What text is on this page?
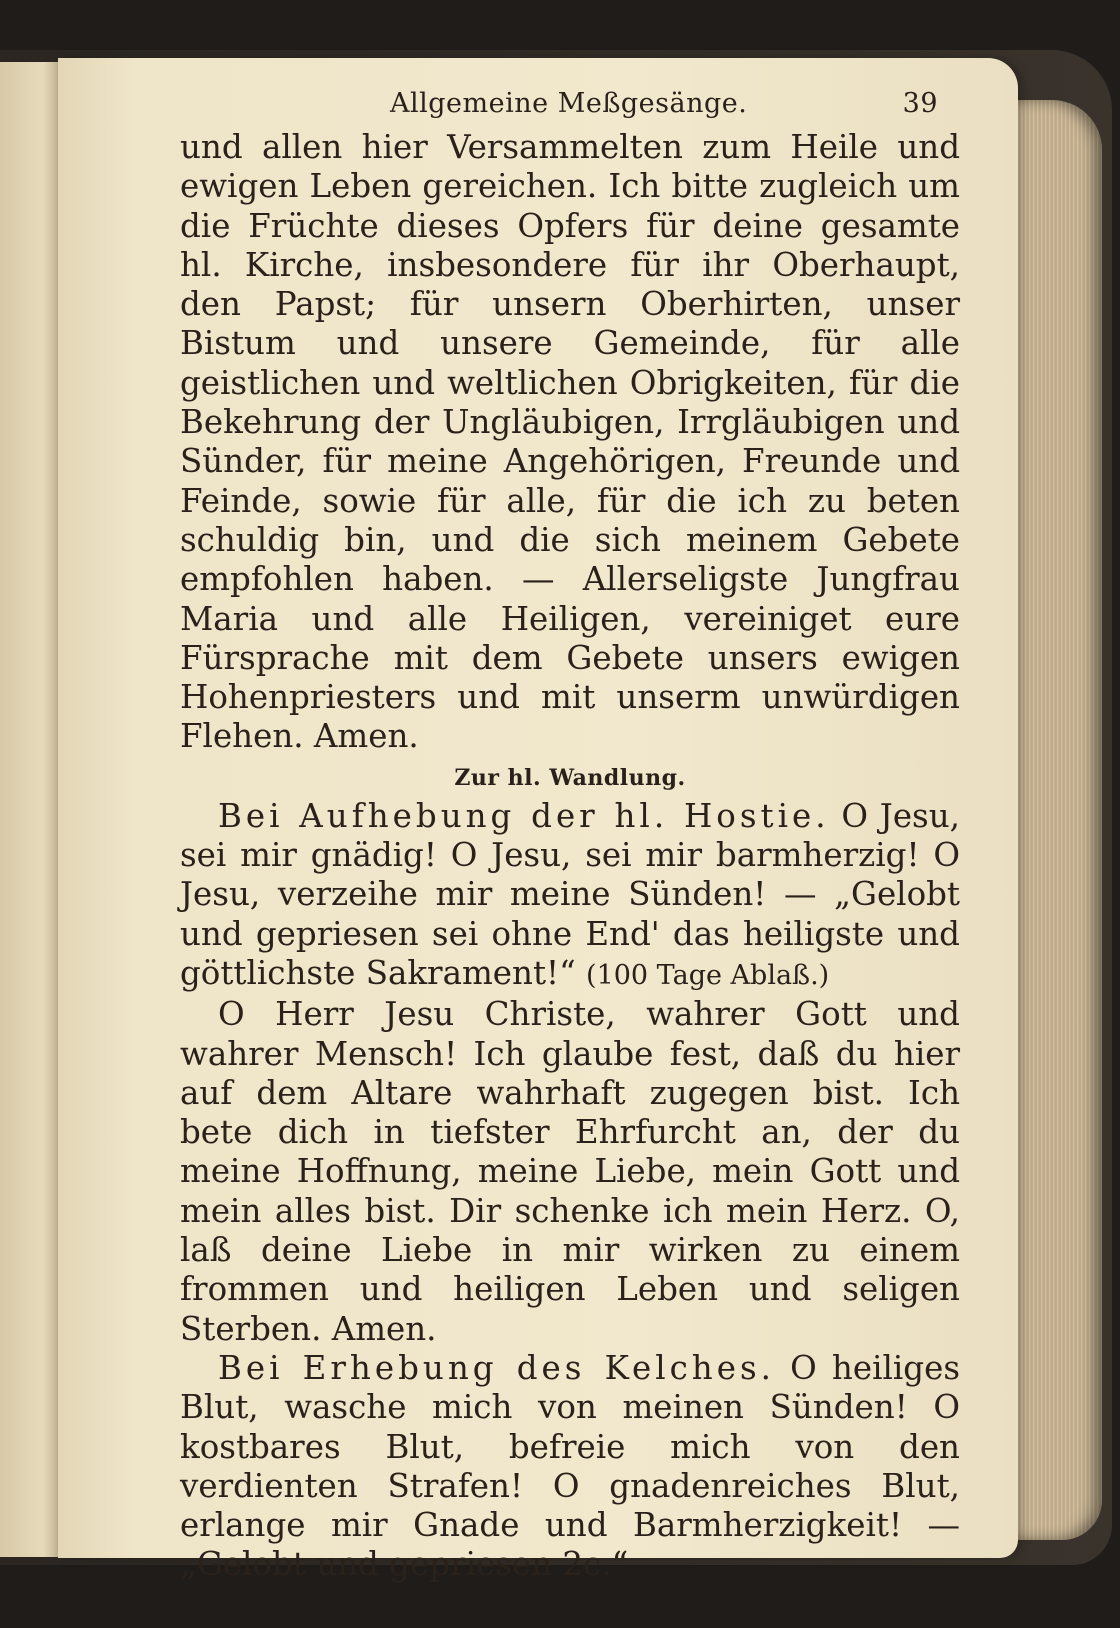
Allgemeine Meßgesänge.	39

und allen hier Versammelten zum Heile und ewigen Leben gereichen. Ich bitte zugleich um die Früchte dieses Opfers für deine gesamte hl. Kirche, insbesondere für ihr Oberhaupt, den Papst; für unsern Oberhirten, unser Bistum und unsere Gemeinde, für alle geistlichen und weltlichen Obrigkeiten, für die Bekehrung der Ungläubigen, Irrgläubigen und Sünder, für meine Angehörigen, Freunde und Feinde, sowie für alle, für die ich zu beten schuldig bin, und die sich meinem Gebete empfohlen haben. — Allerseligste Jungfrau Maria und alle Heiligen, vereiniget eure Fürsprache mit dem Gebete unsers ewigen Hohenpriesters und mit unserm unwürdigen Flehen. Amen.

Zur hl. Wandlung.

Bei Aufhebung der hl. Hostie. O Jesu, sei mir gnädig! O Jesu, sei mir barmherzig! O Jesu, verzeihe mir meine Sünden! — „Gelobt und gepriesen sei ohne End' das heiligste und göttlichste Sakrament!“ (100 Tage Ablaß.)

O Herr Jesu Christe, wahrer Gott und wahrer Mensch! Ich glaube fest, daß du hier auf dem Altare wahrhaft zugegen bist. Ich bete dich in tiefster Ehrfurcht an, der du meine Hoffnung, meine Liebe, mein Gott und mein alles bist. Dir schenke ich mein Herz. O, laß deine Liebe in mir wirken zu einem frommen und heiligen Leben und seligen Sterben. Amen.

Bei Erhebung des Kelches. O heiliges Blut, wasche mich von meinen Sünden! O kostbares Blut, befreie mich von den verdienten Strafen! O gnadenreiches Blut, erlange mir Gnade und Barmherzigkeit! — „Gelobt und gepriesen 2c.“
